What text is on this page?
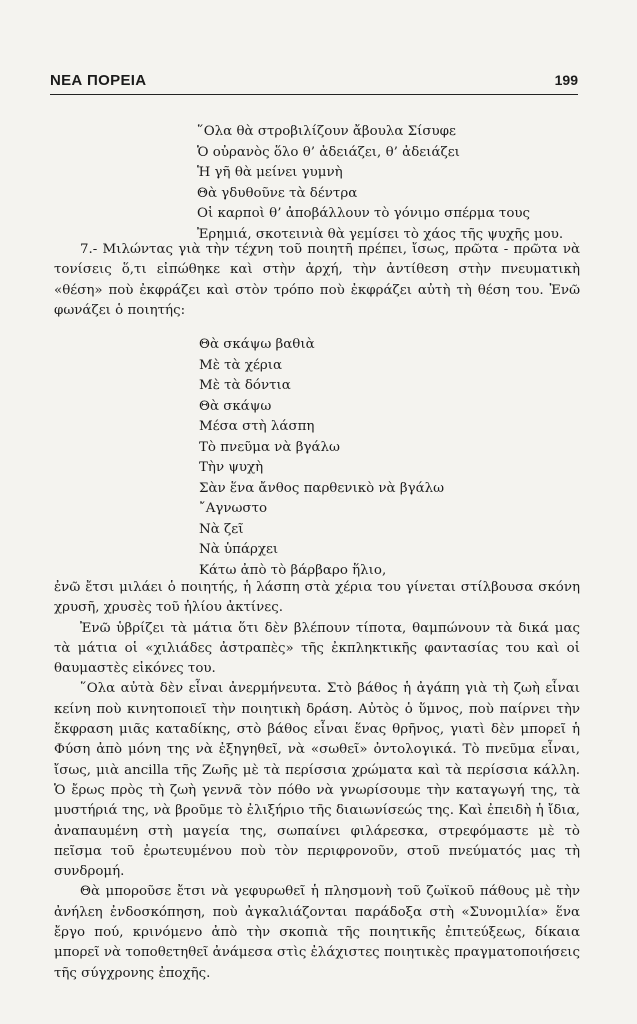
ΝΕΑ ΠΟΡΕΙΑ	199
῞Ολα θὰ στροβιλίζουν ἄβουλα Σίσυφε
Ὁ οὐρανὸς ὅλο θ’ ἀδειάζει, θ’ ἀδειάζει
Ἡ γῆ θὰ μείνει γυμνὴ
Θὰ γδυθοῦνε τὰ δέντρα
Οἱ καρποὶ θ’ ἀποβάλλουν τὸ γόνιμο σπέρμα τους
Ἐρημιά, σκοτεινιὰ θὰ γεμίσει τὸ χάος τῆς ψυχῆς μου.

7.- Μιλώντας γιὰ τὴν τέχνη τοῦ ποιητῆ πρέπει, ἴσως, πρῶτα - πρῶτα νὰ τονίσεις ὅ,τι εἰπώθηκε καὶ στὴν ἀρχή, τὴν ἀντίθεση στὴν πνευματικὴ «θέση» ποὺ ἐκφράζει καὶ στὸν τρόπο ποὺ ἐκφράζει αὐτὴ τὴ θέση του. Ἐνῶ φωνάζει ὁ ποιητής:

Θὰ σκάψω βαθιὰ
Μὲ τὰ χέρια
Μὲ τὰ δόντια
Θὰ σκάψω
Μέσα στὴ λάσπη
Τὸ πνεῦμα νὰ βγάλω
Τὴν ψυχὴ
Σὰν ἕνα ἄνθος παρθενικὸ νὰ βγάλω
῎Αγνωστο
Νὰ ζεῖ
Νὰ ὑπάρχει
Κάτω ἀπὸ τὸ βάρβαρο ἥλιο,

ἐνῶ ἔτσι μιλάει ὁ ποιητής, ἡ λάσπη στὰ χέρια του γίνεται στίλβουσα σκόνη χρυσῆ, χρυσὲς τοῦ ἡλίου ἀκτίνες.

Ἐνῶ ὑβρίζει τὰ μάτια ὅτι δὲν βλέπουν τίποτα, θαμπώνουν τὰ δικά μας τὰ μάτια οἱ «χιλιάδες ἀστραπὲς» τῆς ἐκπληκτικῆς φαντασίας του καὶ οἱ θαυμαστὲς εἰκόνες του.

῞Ολα αὐτὰ δὲν εἶναι ἀνερμήνευτα. Στὸ βάθος ἡ ἀγάπη γιὰ τὴ ζωὴ εἶναι κείνη ποὺ κινητοποιεῖ τὴν ποιητικὴ δράση. Αὐτὸς ὁ ὕμνος, ποὺ παίρνει τὴν ἔκφραση μιᾶς καταδίκης, στὸ βάθος εἶναι ἕνας θρῆνος, γιατὶ δὲν μπορεῖ ἡ Φύση ἀπὸ μόνη της νὰ ἐξηγηθεῖ, νὰ «σωθεῖ» ὀντολογικά. Τὸ πνεῦμα εἶναι, ἴσως, μιὰ ancilla τῆς Ζωῆς μὲ τὰ περίσσια χρώματα καὶ τὰ περίσσια κάλλη. Ὁ ἔρως πρὸς τὴ ζωὴ γεννᾶ τὸν πόθο νὰ γνωρίσουμε τὴν καταγωγή της, τὰ μυστήριά της, νὰ βροῦμε τὸ ἐλιξήριο τῆς διαιωνίσεώς της. Καὶ ἐπειδὴ ἡ ἴδια, ἀναπαυμένη στὴ μαγεία της, σωπαίνει φιλάρεσκα, στρεφόμαστε μὲ τὸ πεῖσμα τοῦ ἐρωτευμένου ποὺ τὸν περιφρονοῦν, στοῦ πνεύματός μας τὴ συνδρομή.

Θὰ μποροῦσε ἔτσι νὰ γεφυρωθεῖ ἡ πλησμονὴ τοῦ ζωϊκοῦ πάθους μὲ τὴν ἀνήλεη ἐνδοσκόπηση, ποὺ ἀγκαλιάζονται παράδοξα στὴ «Συνομιλία» ἕνα ἔργο πού, κρινόμενο ἀπὸ τὴν σκοπιὰ τῆς ποιητικῆς ἐπιτεύξεως, δίκαια μπορεῖ νὰ τοποθετηθεῖ ἀνάμεσα στὶς ἐλάχιστες ποιητικὲς πραγματοποιήσεις τῆς σύγχρονης ἐποχῆς.
